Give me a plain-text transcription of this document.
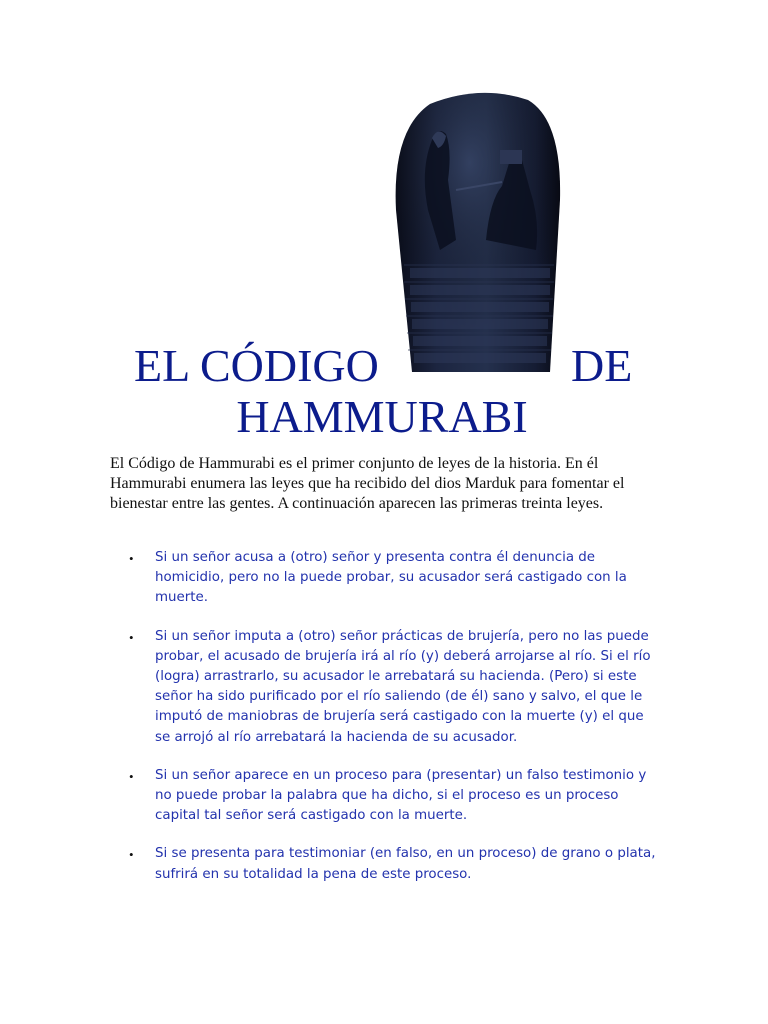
EL CÓDIGO	DE
HAMMURABI

El Código de Hammurabi es el primer conjunto de leyes de la historia. En él Hammurabi enumera las leyes que ha recibido del dios Marduk para fomentar el bienestar entre las gentes. A continuación aparecen las primeras treinta leyes.

• Si un señor acusa a (otro) señor y presenta contra él denuncia de homicidio, pero no la puede probar, su acusador será castigado con la muerte.
• Si un señor imputa a (otro) señor prácticas de brujería, pero no las puede probar, el acusado de brujería irá al río (y) deberá arrojarse al río. Si el río (logra) arrastrarlo, su acusador le arrebatará su hacienda. (Pero) si este señor ha sido purificado por el río saliendo (de él) sano y salvo, el que le imputó de maniobras de brujería será castigado con la muerte (y) el que se arrojó al río arrebatará la hacienda de su acusador.
• Si un señor aparece en un proceso para (presentar) un falso testimonio y no puede probar la palabra que ha dicho, si el proceso es un proceso capital tal señor será castigado con la muerte.
• Si se presenta para testimoniar (en falso, en un proceso) de grano o plata, sufrirá en su totalidad la pena de este proceso.
